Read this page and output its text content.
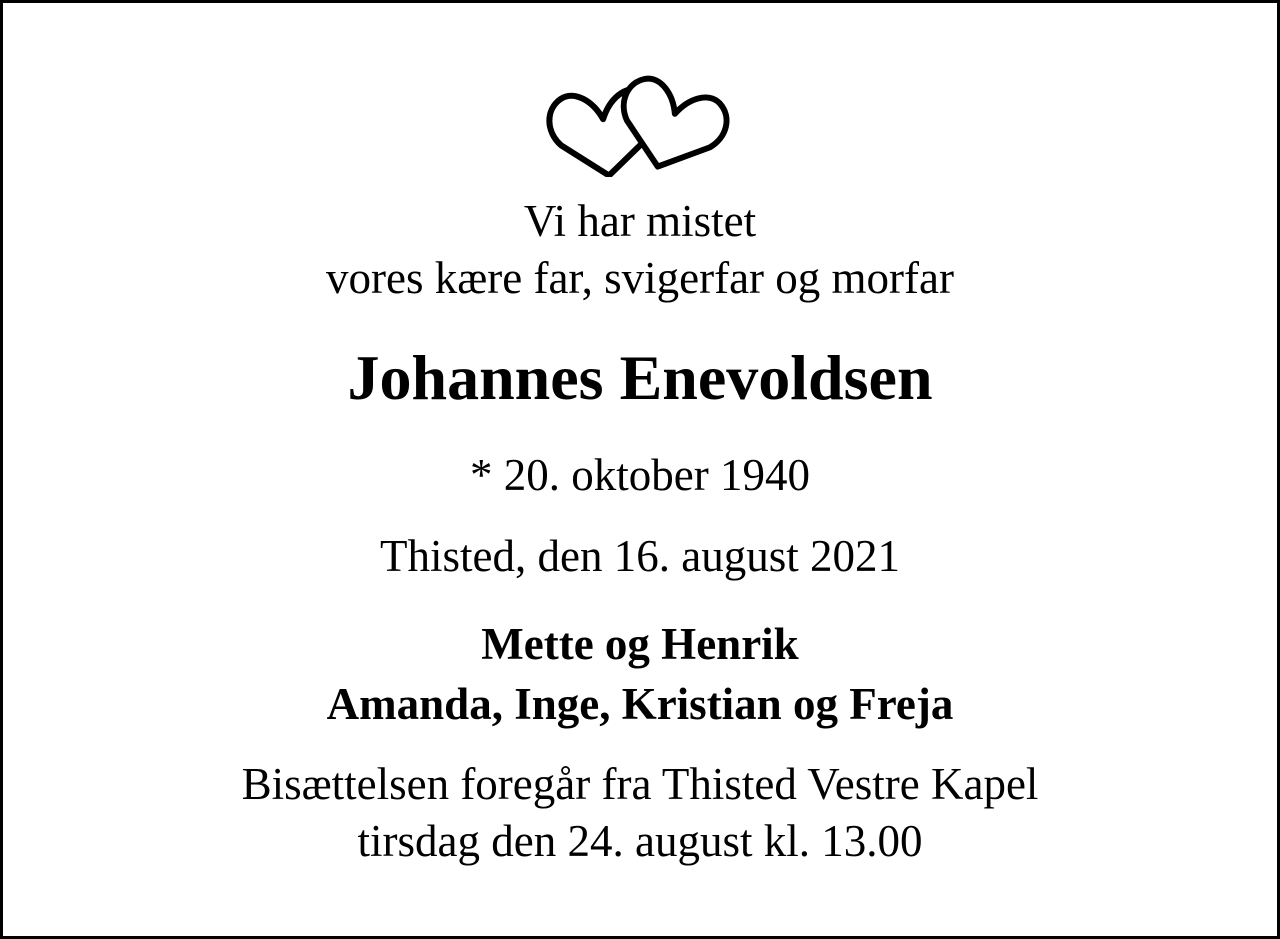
Vi har mistet
vores kære far, svigerfar og morfar

Johannes Enevoldsen

* 20. oktober 1940

Thisted, den 16. august 2021

Mette og Henrik
Amanda, Inge, Kristian og Freja

Bisættelsen foregår fra Thisted Vestre Kapel
tirsdag den 24. august kl. 13.00
